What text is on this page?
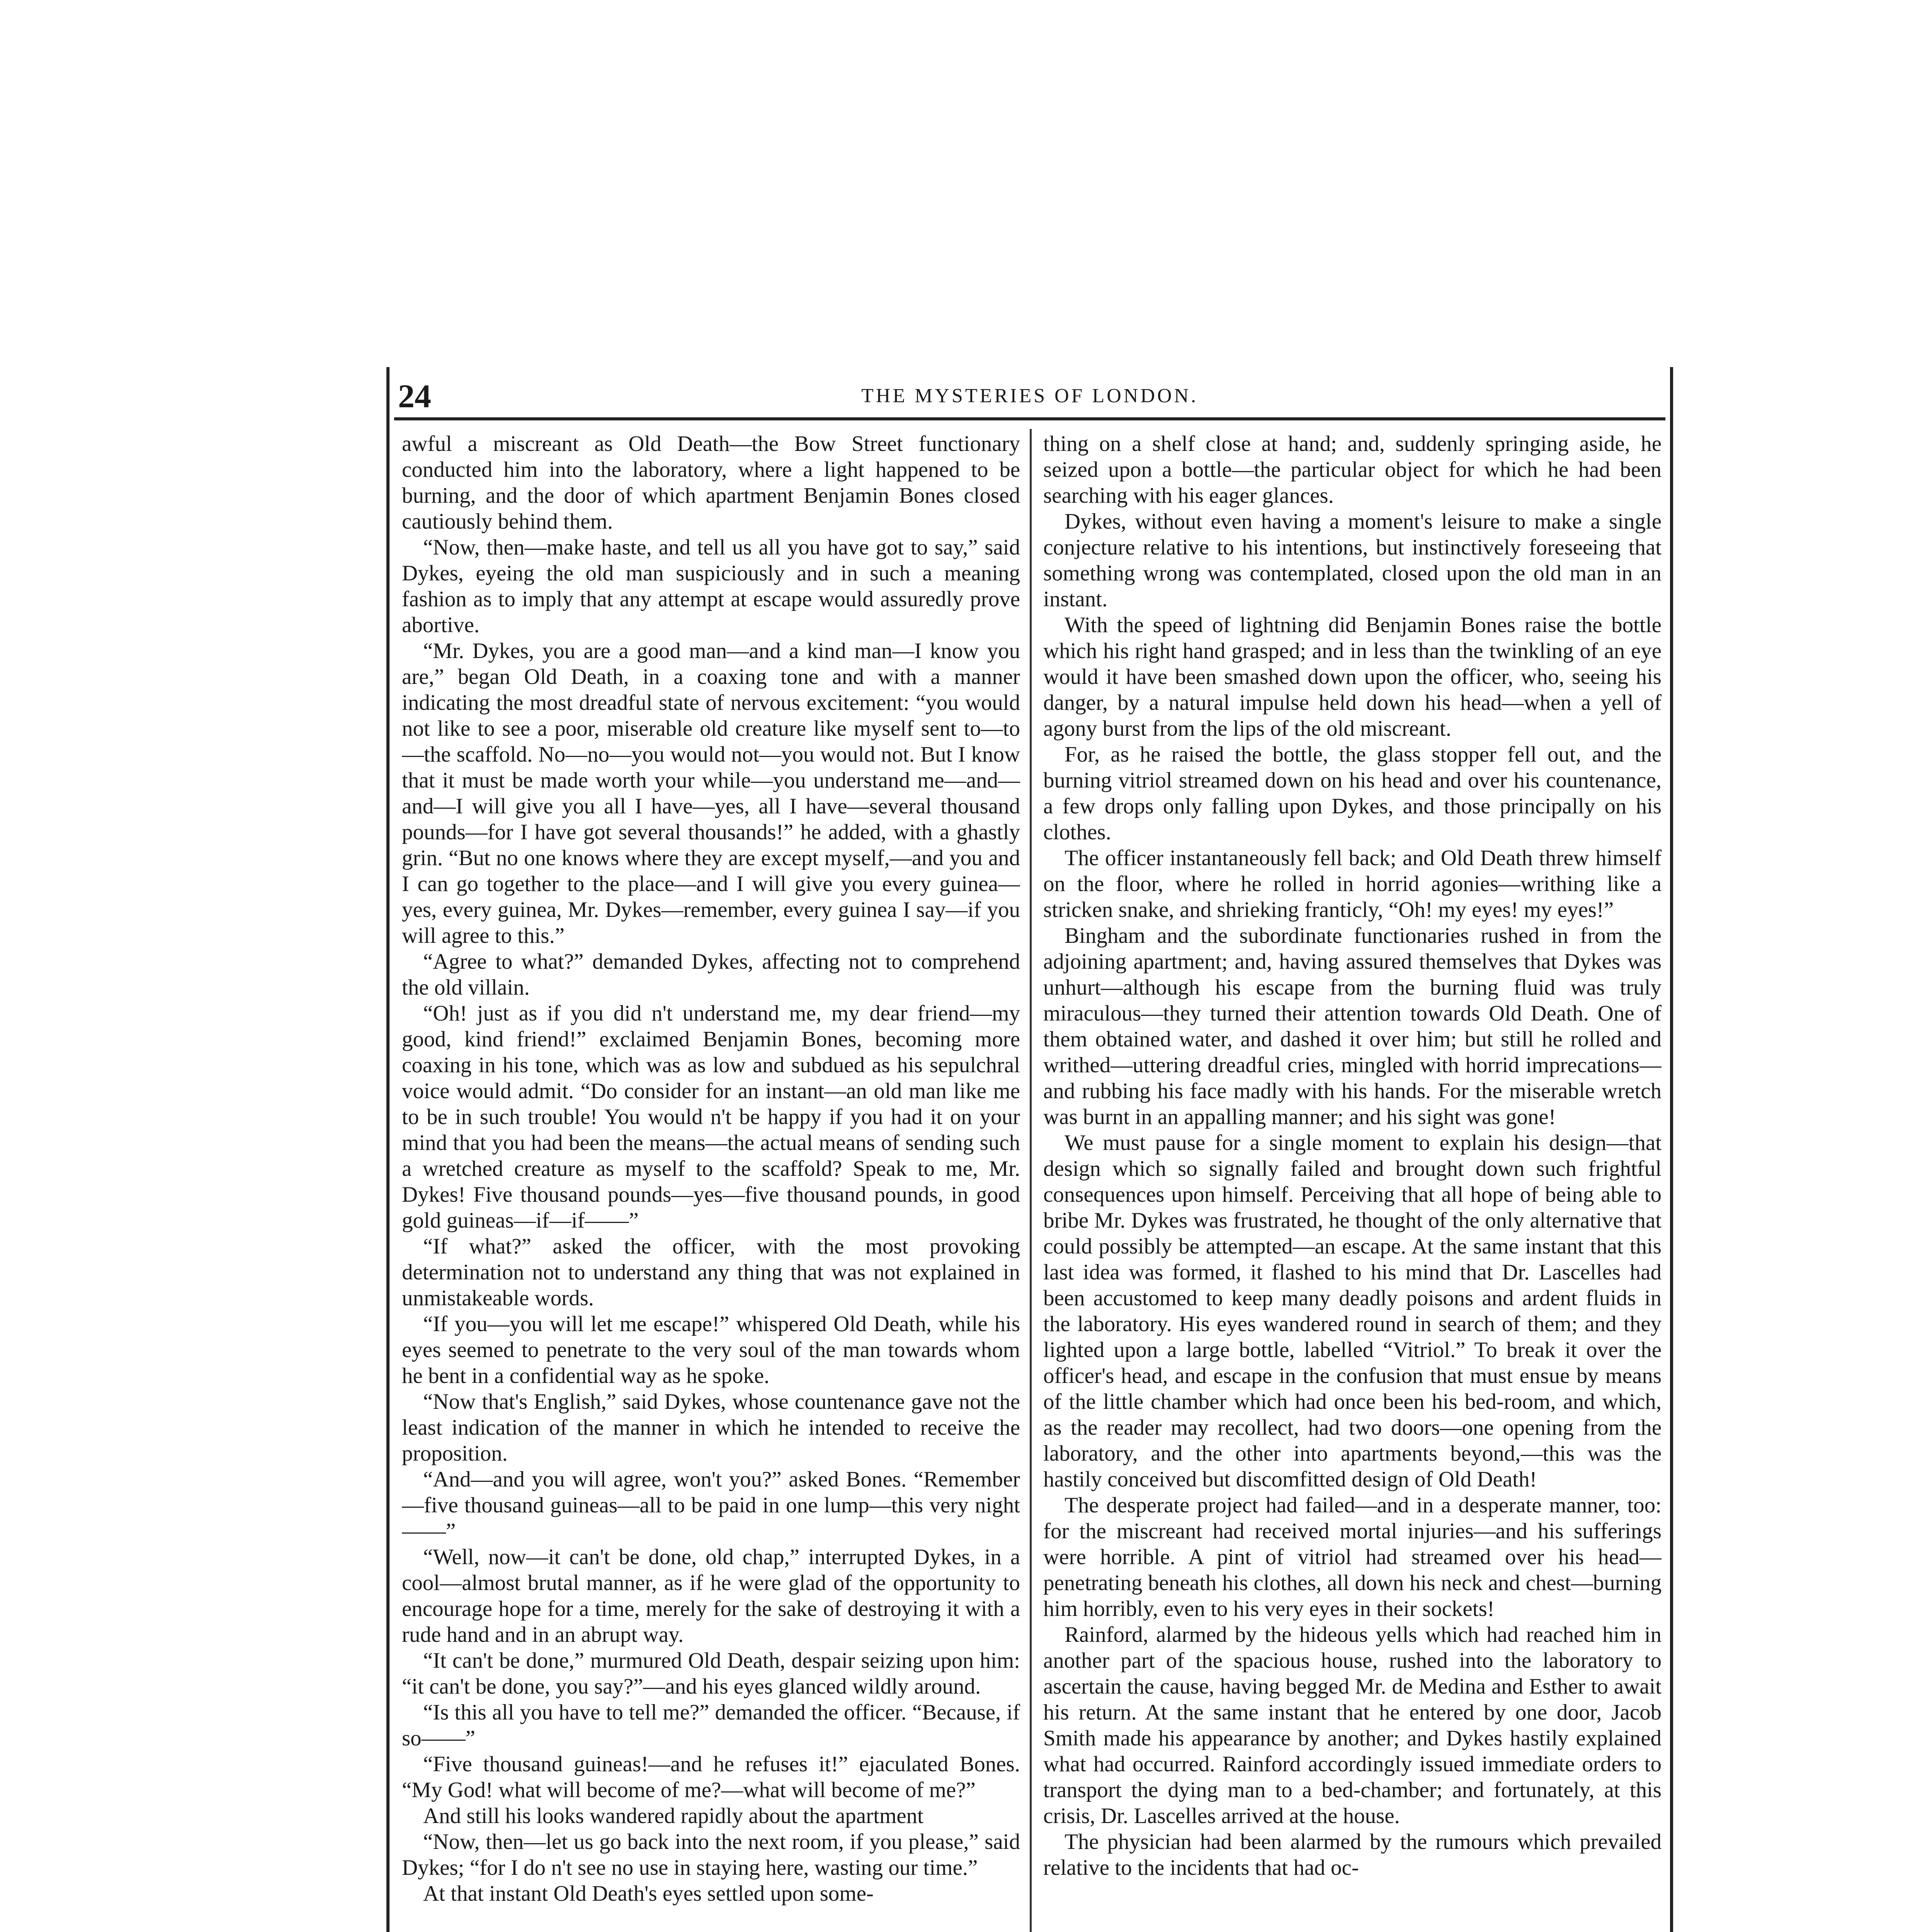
24	THE MYSTERIES OF LONDON.

awful a miscreant as Old Death—the Bow Street functionary conducted him into the laboratory, where a light happened to be burning, and the door of which apartment Benjamin Bones closed cautiously behind them.

“Now, then—make haste, and tell us all you have got to say,” said Dykes, eyeing the old man suspiciously and in such a meaning fashion as to imply that any attempt at escape would assuredly prove abortive.

“Mr. Dykes, you are a good man—and a kind man—I know you are,” began Old Death, in a coaxing tone and with a manner indicating the most dreadful state of nervous excitement: “you would not like to see a poor, miserable old creature like myself sent to—to—the scaffold. No—no—you would not—you would not. But I know that it must be made worth your while—you understand me—and—and—I will give you all I have—yes, all I have—several thousand pounds—for I have got several thousands!” he added, with a ghastly grin. “But no one knows where they are except myself,—and you and I can go together to the place—and I will give you every guinea—yes, every guinea, Mr. Dykes—remember, every guinea I say—if you will agree to this.”

“Agree to what?” demanded Dykes, affecting not to comprehend the old villain.

“Oh! just as if you did n't understand me, my dear friend—my good, kind friend!” exclaimed Benjamin Bones, becoming more coaxing in his tone, which was as low and subdued as his sepulchral voice would admit. “Do consider for an instant—an old man like me to be in such trouble! You would n't be happy if you had it on your mind that you had been the means—the actual means of sending such a wretched creature as myself to the scaffold? Speak to me, Mr. Dykes! Five thousand pounds—yes—five thousand pounds, in good gold guineas—if—if——”

“If what?” asked the officer, with the most provoking determination not to understand any thing that was not explained in unmistakeable words.

“If you—you will let me escape!” whispered Old Death, while his eyes seemed to penetrate to the very soul of the man towards whom he bent in a confidential way as he spoke.

“Now that's English,” said Dykes, whose countenance gave not the least indication of the manner in which he intended to receive the proposition.

“And—and you will agree, won't you?” asked Bones. “Remember—five thousand guineas—all to be paid in one lump—this very night——”

“Well, now—it can't be done, old chap,” interrupted Dykes, in a cool—almost brutal manner, as if he were glad of the opportunity to encourage hope for a time, merely for the sake of destroying it with a rude hand and in an abrupt way.

“It can't be done,” murmured Old Death, despair seizing upon him: “it can't be done, you say?”—and his eyes glanced wildly around.

“Is this all you have to tell me?” demanded the officer. “Because, if so——”

“Five thousand guineas!—and he refuses it!” ejaculated Bones. “My God! what will become of me?—what will become of me?”

And still his looks wandered rapidly about the apartment

“Now, then—let us go back into the next room, if you please,” said Dykes; “for I do n't see no use in staying here, wasting our time.”

At that instant Old Death's eyes settled upon some-

thing on a shelf close at hand; and, suddenly springing aside, he seized upon a bottle—the particular object for which he had been searching with his eager glances.

Dykes, without even having a moment's leisure to make a single conjecture relative to his intentions, but instinctively foreseeing that something wrong was contemplated, closed upon the old man in an instant.

With the speed of lightning did Benjamin Bones raise the bottle which his right hand grasped; and in less than the twinkling of an eye would it have been smashed down upon the officer, who, seeing his danger, by a natural impulse held down his head—when a yell of agony burst from the lips of the old miscreant.

For, as he raised the bottle, the glass stopper fell out, and the burning vitriol streamed down on his head and over his countenance, a few drops only falling upon Dykes, and those principally on his clothes.

The officer instantaneously fell back; and Old Death threw himself on the floor, where he rolled in horrid agonies—writhing like a stricken snake, and shrieking franticly, “Oh! my eyes! my eyes!”

Bingham and the subordinate functionaries rushed in from the adjoining apartment; and, having assured themselves that Dykes was unhurt—although his escape from the burning fluid was truly miraculous—they turned their attention towards Old Death. One of them obtained water, and dashed it over him; but still he rolled and writhed—uttering dreadful cries, mingled with horrid imprecations—and rubbing his face madly with his hands. For the miserable wretch was burnt in an appalling manner; and his sight was gone!

We must pause for a single moment to explain his design—that design which so signally failed and brought down such frightful consequences upon himself. Perceiving that all hope of being able to bribe Mr. Dykes was frustrated, he thought of the only alternative that could possibly be attempted—an escape. At the same instant that this last idea was formed, it flashed to his mind that Dr. Lascelles had been accustomed to keep many deadly poisons and ardent fluids in the laboratory. His eyes wandered round in search of them; and they lighted upon a large bottle, labelled “Vitriol.” To break it over the officer's head, and escape in the confusion that must ensue by means of the little chamber which had once been his bed-room, and which, as the reader may recollect, had two doors—one opening from the laboratory, and the other into apartments beyond,—this was the hastily conceived but discomfitted design of Old Death!

The desperate project had failed—and in a desperate manner, too: for the miscreant had received mortal injuries—and his sufferings were horrible. A pint of vitriol had streamed over his head—penetrating beneath his clothes, all down his neck and chest—burning him horribly, even to his very eyes in their sockets!

Rainford, alarmed by the hideous yells which had reached him in another part of the spacious house, rushed into the laboratory to ascertain the cause, having begged Mr. de Medina and Esther to await his return. At the same instant that he entered by one door, Jacob Smith made his appearance by another; and Dykes hastily explained what had occurred. Rainford accordingly issued immediate orders to transport the dying man to a bed-chamber; and fortunately, at this crisis, Dr. Lascelles arrived at the house.

The physician had been alarmed by the rumours which prevailed relative to the incidents that had oc-
